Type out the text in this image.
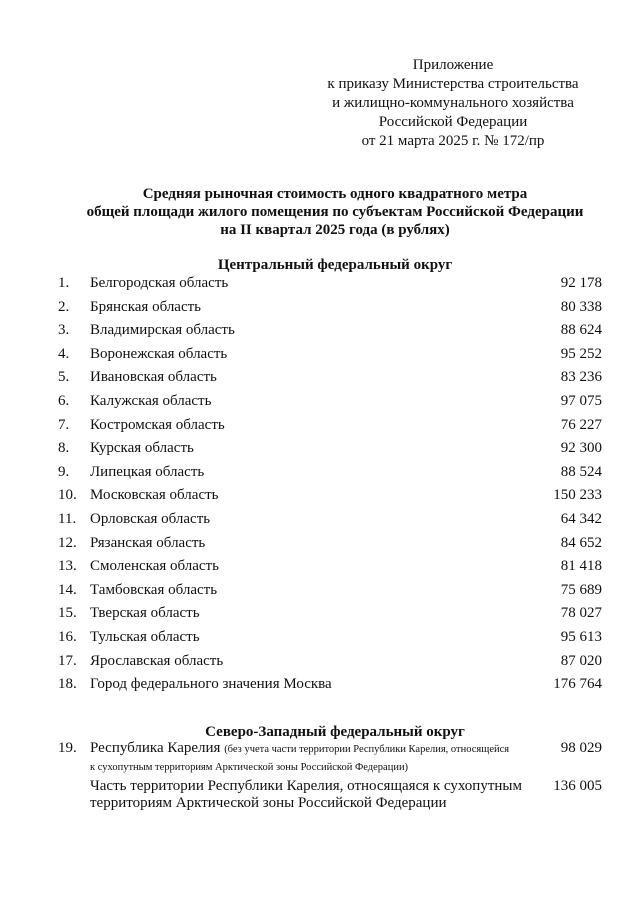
Приложение
к приказу Министерства строительства
и жилищно-коммунального хозяйства
Российской Федерации
от 21 марта 2025 г. № 172/пр
Средняя рыночная стоимость одного квадратного метра
общей площади жилого помещения по субъектам Российской Федерации
на II квартал 2025 года (в рублях)
Центральный федеральный округ
1.	Белгородская область	92 178
2.	Брянская область	80 338
3.	Владимирская область	88 624
4.	Воронежская область	95 252
5.	Ивановская область	83 236
6.	Калужская область	97 075
7.	Костромская область	76 227
8.	Курская область	92 300
9.	Липецкая область	88 524
10. Московская область	150 233
11. Орловская область	64 342
12. Рязанская область	84 652
13. Смоленская область	81 418
14. Тамбовская область	75 689
15. Тверская область	78 027
16. Тульская область	95 613
17. Ярославская область	87 020
18. Город федерального значения Москва	176 764
Северо-Западный федеральный округ
19. Республика Карелия (без учета части территории Республики Карелия, относящейся
к сухопутным территориям Арктической зоны Российской Федерации)
98 029
Часть территории Республики Карелия, относящаяся к сухопутным
территориям Арктической зоны Российской Федерации
136 005
